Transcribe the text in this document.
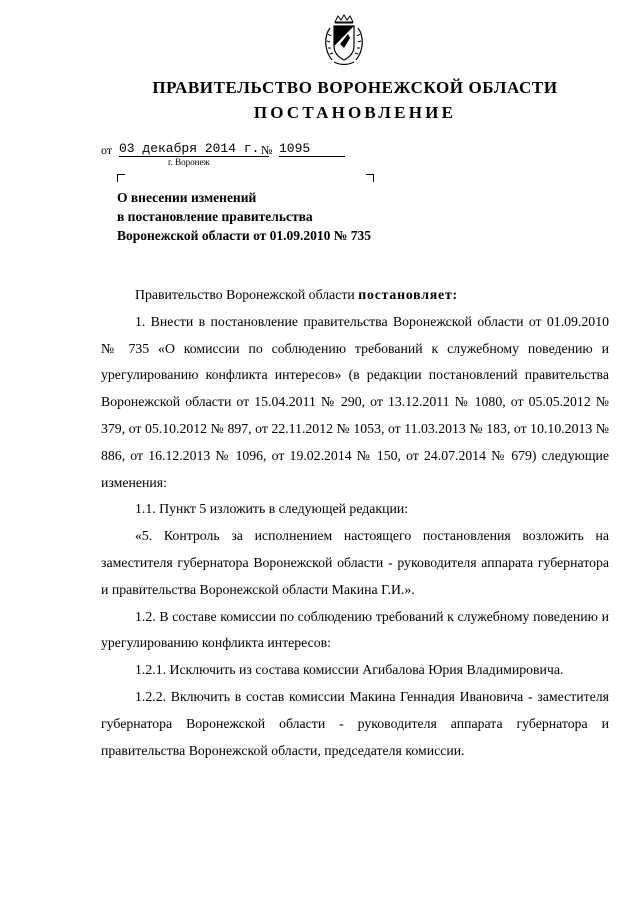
ПРАВИТЕЛЬСТВО ВОРОНЕЖСКОЙ ОБЛАСТИ
ПОСТАНОВЛЕНИЕ
от 03 декабря 2014 г. № 1095
г. Воронеж
О внесении изменений
в постановление правительства
Воронежской области от 01.09.2010 № 735

Правительство Воронежской области постановляет:

1. Внести в постановление правительства Воронежской области от 01.09.2010 № 735 «О комиссии по соблюдению требований к служебному поведению и урегулированию конфликта интересов» (в редакции постановлений правительства Воронежской области от 15.04.2011 № 290, от 13.12.2011 № 1080, от 05.05.2012 № 379, от 05.10.2012 № 897, от 22.11.2012 № 1053, от 11.03.2013 № 183, от 10.10.2013 № 886, от 16.12.2013 № 1096, от 19.02.2014 № 150, от 24.07.2014 № 679) следующие изменения:

1.1. Пункт 5 изложить в следующей редакции:

«5. Контроль за исполнением настоящего постановления возложить на заместителя губернатора Воронежской области - руководителя аппарата губернатора и правительства Воронежской области Макина Г.И.».

1.2. В составе комиссии по соблюдению требований к служебному поведению и урегулированию конфликта интересов:

1.2.1. Исключить из состава комиссии Агибалова Юрия Владимировича.

1.2.2. Включить в состав комиссии Макина Геннадия Ивановича - заместителя губернатора Воронежской области - руководителя аппарата губернатора и правительства Воронежской области, председателя комиссии.
